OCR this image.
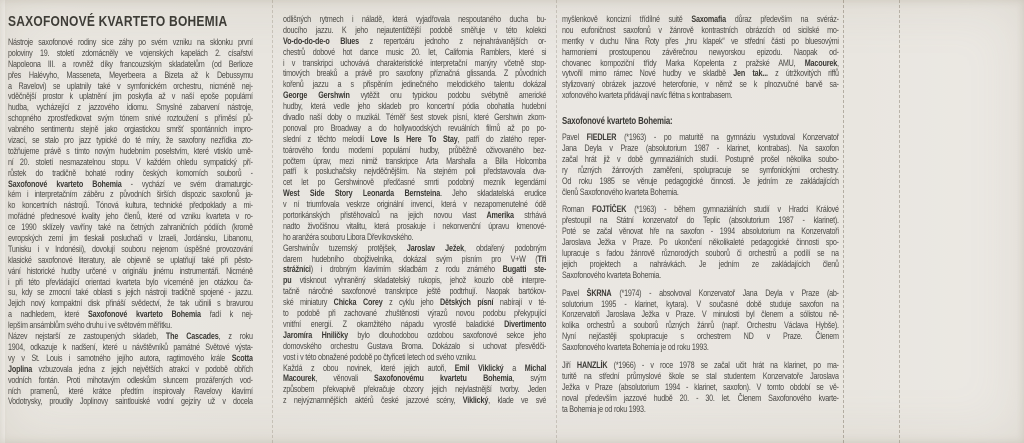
SAXOFONOVÉ KVARTETO BOHEMIA
Nástroje saxofonové rodiny sice záhy po svém vzniku na sklonku první
poloviny 19. století zdomácněly ve vojenských kapelách 2. císařství
Napoleona III. a rovněž díky francouzským skladatelům (od Berlioze
přes Halévyho, Masseneta, Meyerbeera a Bizeta až k Debussymu
a Ravelovi) se uplatnily také v symfonickém orchestru, nicméně nej-
vděčnější prostor k uplatnění jim poskytla až v naší epoše populární
hudba, vycházející z jazzového idiomu. Smyslné zabarvení nástroje,
schopného zprostředkovat svým tónem snivé roztoužení s příměsí pů-
vabného sentimentu stejně jako orgiastickou smršť spontánních impro-
vizací, se stalo pro jazz typické do té míry, že saxofony nezřídka zto-
tožňujeme právě s tímto novým hudebním poselstvím, které vtisklo umě-
ní 20. století nesmazatelnou stopu. V každém ohledu sympatický pří-
růstek do tradičně bohaté rodiny českých komorních souborů -
Saxofonové kvarteto Bohemia - vychází ve svém dramaturgic-
kém i interpretačním záběru z původních širších dispozic saxofonů ja-
ko koncertních nástrojů. Tónová kultura, technické předpoklady a mi-
mořádné přednesové kvality jeho členů, které od vzniku kvarteta v ro-
ce 1990 sklízely vavříny také na četných zahraničních pódiích (kromě
evropských zemí jim tleskali posluchači v Izraeli, Jordánsku, Libanonu,
Tunisku i v Indonésii), dovolují souboru nejenom úspěšné provozování
klasické saxofonové literatury, ale objevně se uplatňují také při pěsto-
vání historické hudby určené v originálu jinému instrumentáři. Nicméně
i při této převládající orientaci kvarteta bylo víceméně jen otázkou ča-
su, kdy se zmocní také oblasti s jejich nástroji tradičně spojené - jazzu.
Jejich nový kompaktní disk přináší svědectví, že tak učinili s bravurou
a nadhledem, které Saxofonové kvarteto Bohemia řadí k nej-
lepším ansámblům svého druhu i ve světovém měřítku.
Název nejstarší ze zastoupených skladeb, The Cascades, z roku
1904, odkazuje k nadšení, které u návštěvníků památné Světové výsta-
vy v St. Louis i samotného jejího autora, ragtimového krále Scotta
Joplina vzbuzovala jedna z jejich největších atrakcí v podobě obřích
vodních fontán. Proti mihotavým odleskům sluncem prozářených vod-
ních pramenů, které krátce předtím inspirovaly Ravelovy klavírní
Vodotrysky, proudily Joplinovy saintlouiské vodní gejzíry už v docela
odlišných rytmech i náladě, která vyjadřovala nespoutaného ducha bu-
doucího jazzu. K jeho nejautentičtější podobě směřuje v této kolekci
Vo-do-do-de-o Blues z repertoáru jednoho z nejnahrávanějších or-
chestrů dobové hot dance music 20. let, California Ramblers, které si
i v transkripci uchovává charakteristické interpretační manýry včetně stop-
timových breaků a právě pro saxofony příznačná glissanda. Z původních
kořenů jazzu a s přispěním jedinečného melodického talentu dokázal
George Gershwin vytěžit onu typickou podobu svébytně americké
hudby, která vedle jeho skladeb pro koncertní pódia obohatila hudební
divadlo naší doby o muzikál. Téměř šest stovek písní, které Gershwin zkom-
ponoval pro Broadway a do hollywoodských revuálních filmů až po po-
slední z těchto melodií Love Is Here To Stay, patří do zlatého reper-
toárového fondu moderní populární hudby, průběžně oživovaného bez-
počtem úprav, mezi nimiž transkripce Arta Marshalla a Billa Holcomba
patří k posluchačsky nejvděčnějším. Na stejném poli představovala dva-
cet let po Gershwinově předčasné smrti podobný mezník legendární
West Side Story Leonarda Bernsteina. Jeho skladatelská erudice
v ní triumfovala veskrze originální invencí, která v nezapomenutelné ódě
portorikánských přistěhovalců na jejich novou vlast Amerika strhává
nadto živočišnou vitalitu, která prosakuje i nekonvenční úpravu kmenové-
ho aranžéra souboru Libora Dřevíkovského.
Gershwinův tuzemský protějšek, Jaroslav Ježek, obdařený podobným
darem hudebního obojživelníka, dokázal svým písním pro V+W (Tři
strážníci) i drobným klavírním skladbám z rodu známého Bugatti ste-
pu vtisknout vyhraněný skladatelský rukopis, jehož kouzlo obě interpre-
tačně náročné saxofonové transkripce ještě podtrhují. Naopak bartókov-
ské miniatury Chicka Corey z cyklu jeho Dětských písní nabírají v té-
to podobě při zachované zhuštěnosti výrazů novou podobu překypující
vnitřní energií. Z okamžitého nápadu vyrostlé baladické Divertimento
Jaromíra Hniličky bylo dlouhodobou ozdobou saxofonové sekce jeho
domovského orchestru Gustava Broma. Dokázalo si uchovat přesvědči-
vost i v této obnažené podobě po čtyřiceti letech od svého vzniku.
Každá z obou novinek, které jejich autoři, Emil Viklický a Michal
Macourek, věnovali Saxofonovému kvartetu Bohemia, svým
způsobem překvapivě překračuje obzory jejich nejvlastnější tvorby. Jeden
z nejvýznamnějších aktérů české jazzové scény, Viklický, klade ve své
myšlenkově koncizní třídílné suitě Saxomafia důraz především na svéráz-
nou eufoničnost saxofonů v žánrově kontrastních obrázcích od sicilské mo-
mentky v duchu Nina Roty přes „hru klapek“ ve střední části po bluesovými
harmoniemi prostoupenou závěrečnou newyorskou epizodu. Naopak od-
chovanec kompoziční třídy Marka Kopelenta z pražské AMU, Macourek,
vytvořil mimo rámec Nové hudby ve skladbě Jen tak... z útržkovitých riffů
stylizovaný obrázek jazzové heterofonie, v němž se k plnozvučné barvě sa-
xofonového kvarteta přidávají navíc flétna s kontrabasem.
Saxofonové kvarteto Bohemia:
Pavel FIEDLER (*1963) - po maturitě na gymnáziu vystudoval Konzervatoř
Jana Deyla v Praze (absolutorium 1987 - klarinet, kontrabas). Na saxofon
začal hrát již v době gymnaziálních studií. Postupně prošel několika soubo-
ry různých žánrových zaměření, spolupracuje se symfonickými orchestry.
Od roku 1985 se věnuje pedagogické činnosti. Je jedním ze zakládajících
členů Saxofonového kvarteta Bohemia.
Roman FOJTÍČEK (*1963) - během gymnaziálních studií v Hradci Králové
přestoupil na Státní konzervatoř do Teplic (absolutorium 1987 - klarinet).
Poté se začal věnovat hře na saxofon - 1994 absolutorium na Konzervatoři
Jaroslava Ježka v Praze. Po ukončení několikaleté pedagogické činnosti spo-
lupracuje s řadou žánrově různorodých souborů či orchestrů a podílí se na
jejich projektech a nahrávkách. Je jedním ze zakládajících členů
Saxofonového kvarteta Bohemia.
Pavel ŠKRNA (*1974) - absolvoval Konzervatoř Jana Deyla v Praze (ab-
solutorium 1995 - klarinet, kytara). V současné době studuje saxofon na
Konzervatoři Jaroslava Ježka v Praze. V minulosti byl členem a sólistou ně-
kolika orchestrů a souborů různých žánrů (např. Orchestru Václava Hybše).
Nyní nejčastěji spolupracuje s orchestrem ND v Praze. Členem
Saxofonového kvarteta Bohemia je od roku 1993.
Jiří HANZLÍK (*1966) - v roce 1978 se začal učit hrát na klarinet, po ma-
turitě na střední průmyslové škole se stal studentem Konzervatoře Jaroslava
Ježka v Praze (absolutorium 1994 - klarinet, saxofon). V tomto období se vě-
noval především jazzové hudbě 20. - 30. let. Členem Saxofonového kvarte-
ta Bohemia je od roku 1993.
